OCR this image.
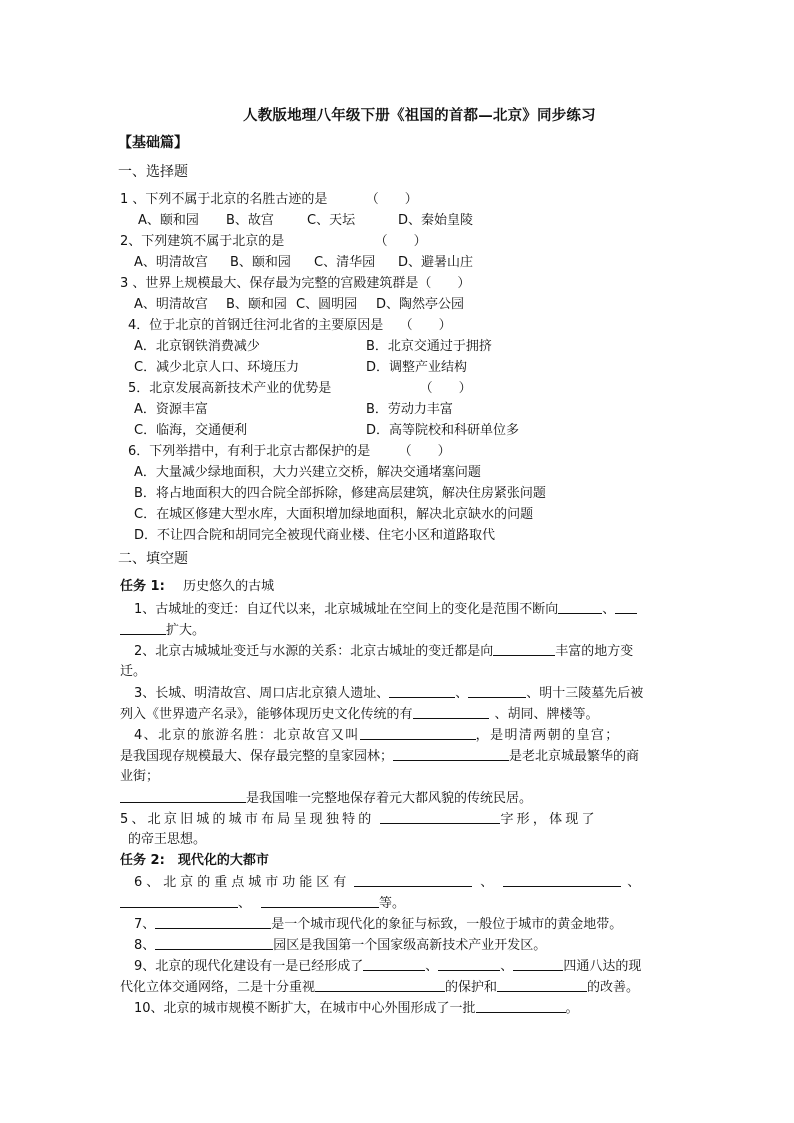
人教版地理八年级下册《祖国的首都—北京》同步练习
【基础篇】
一、选择题
1 、下列不属于北京的名胜古迹的是	（　　）
A、颐和园 B、故宫	C、天坛	D、秦始皇陵
2、下列建筑不属于北京的是	（　　）
A、明清故宫 B、颐和园 C、清华园 D、避暑山庄
3 、世界上规模最大、保存最为完整的宫殿建筑群是（　　）
A、明清故宫 B、颐和园 C、圆明园 D、陶然亭公园
4．位于北京的首钢迁往河北省的主要原因是 （　　）
A．北京钢铁消费减少	B．北京交通过于拥挤
C．减少北京人口、环境压力	D．调整产业结构
5．北京发展高新技术产业的优势是	（　　）
A．资源丰富	B．劳动力丰富
C．临海，交通便利	D．高等院校和科研单位多
6．下列举措中，有利于北京古都保护的是 （　　）
A．大量减少绿地面积，大力兴建立交桥，解决交通堵塞问题
B．将占地面积大的四合院全部拆除，修建高层建筑，解决住房紧张问题
C．在城区修建大型水库，大面积增加绿地面积，解决北京缺水的问题
D．不让四合院和胡同完全被现代商业楼、住宅小区和道路取代
二、填空题
任务 1: 历史悠久的古城
1、古城址的变迁：自辽代以来，北京城城址在空间上的变化是范围不断向	、
扩大。
2、北京古城城址变迁与水源的关系：北京古城址的变迁都是向	丰富的地方变
迁。
3、长城、明清故宫、周口店北京猿人遗址、	、	、明十三陵墓先后被
列入《世界遗产名录》，能够体现历史文化传统的有	、胡同、牌楼等。
4、北京的旅游名胜：北京故宫又叫	，是明清两朝的皇宫；
是我国现存规模最大、保存最完整的皇家园林；	是老北京城最繁华的商
业街；
是我国唯一完整地保存着元大都风貌的传统民居。
5、北京旧城的城市布局呈现独特的	字形，体现了
的帝王思想。
任务 2: 现代化的大都市
6、北京的重点城市功能区有	、	、
、	等。
7、	是一个城市现代化的象征与标致，一般位于城市的黄金地带。
8、	园区是我国第一个国家级高新技术产业开发区。
9、北京的现代化建设有一是已经形成了	、	、	四通八达的现
代化立体交通网络，二是十分重视	的保护和	的改善。
10、北京的城市规模不断扩大，在城市中心外围形成了一批	。
